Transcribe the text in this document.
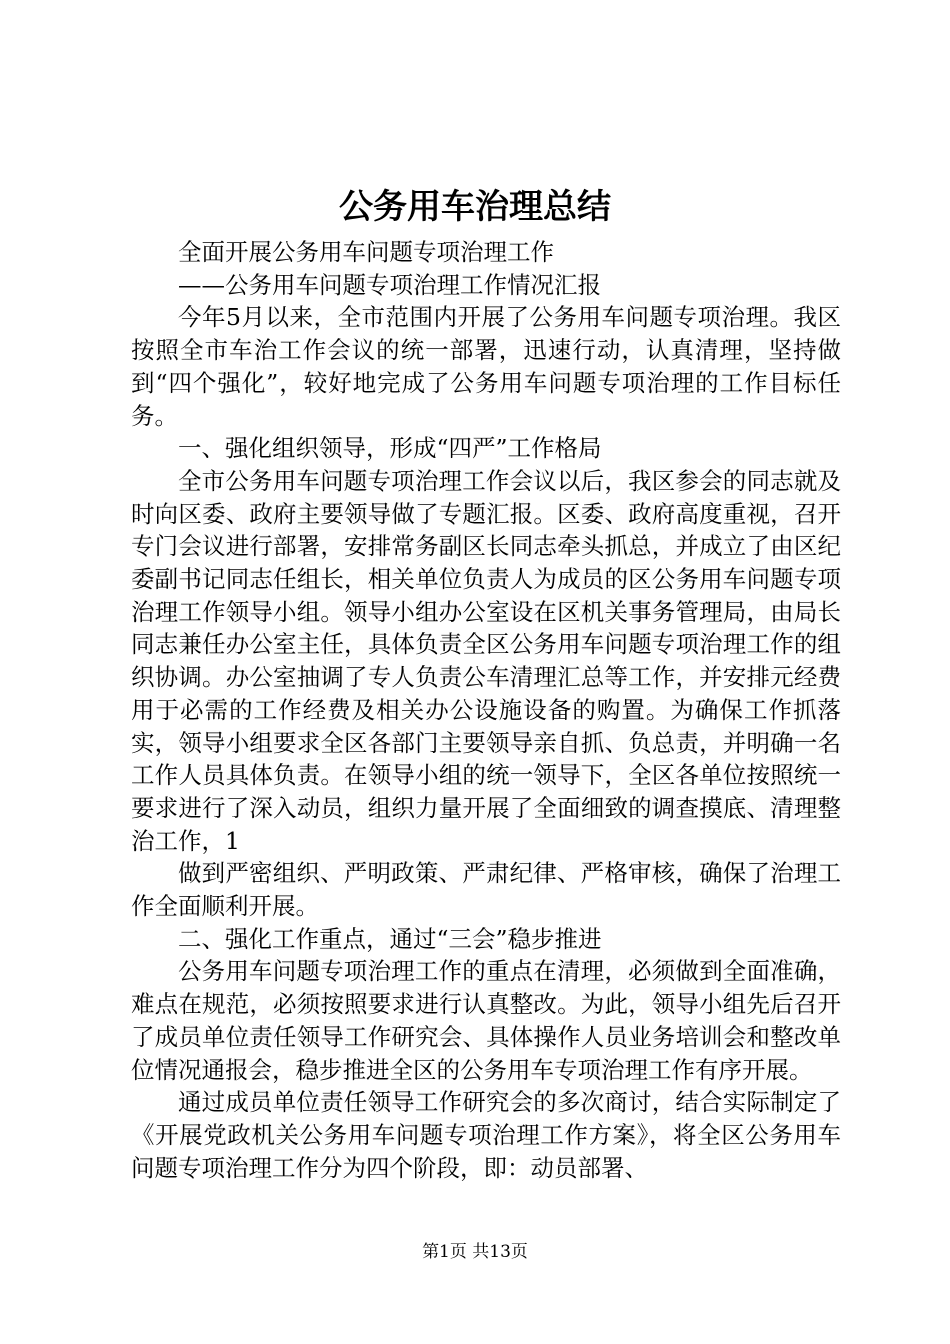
公务用车治理总结

全面开展公务用车问题专项治理工作

——公务用车问题专项治理工作情况汇报

今年5月以来，全市范围内开展了公务用车问题专项治理。我区按照全市车治工作会议的统一部署，迅速行动，认真清理，坚持做到“四个强化”，较好地完成了公务用车问题专项治理的工作目标任务。

一、强化组织领导，形成“四严”工作格局

全市公务用车问题专项治理工作会议以后，我区参会的同志就及时向区委、政府主要领导做了专题汇报。区委、政府高度重视，召开专门会议进行部署，安排常务副区长同志牵头抓总，并成立了由区纪委副书记同志任组长，相关单位负责人为成员的区公务用车问题专项治理工作领导小组。领导小组办公室设在区机关事务管理局，由局长同志兼任办公室主任，具体负责全区公务用车问题专项治理工作的组织协调。办公室抽调了专人负责公车清理汇总等工作，并安排元经费用于必需的工作经费及相关办公设施设备的购置。为确保工作抓落实，领导小组要求全区各部门主要领导亲自抓、负总责，并明确一名工作人员具体负责。在领导小组的统一领导下，全区各单位按照统一要求进行了深入动员，组织力量开展了全面细致的调查摸底、清理整治工作，1

做到严密组织、严明政策、严肃纪律、严格审核，确保了治理工作全面顺利开展。

二、强化工作重点，通过“三会”稳步推进

公务用车问题专项治理工作的重点在清理，必须做到全面准确，难点在规范，必须按照要求进行认真整改。为此，领导小组先后召开了成员单位责任领导工作研究会、具体操作人员业务培训会和整改单位情况通报会，稳步推进全区的公务用车专项治理工作有序开展。

通过成员单位责任领导工作研究会的多次商讨，结合实际制定了《开展党政机关公务用车问题专项治理工作方案》，将全区公务用车问题专项治理工作分为四个阶段，即：动员部署、

第1页 共13页
